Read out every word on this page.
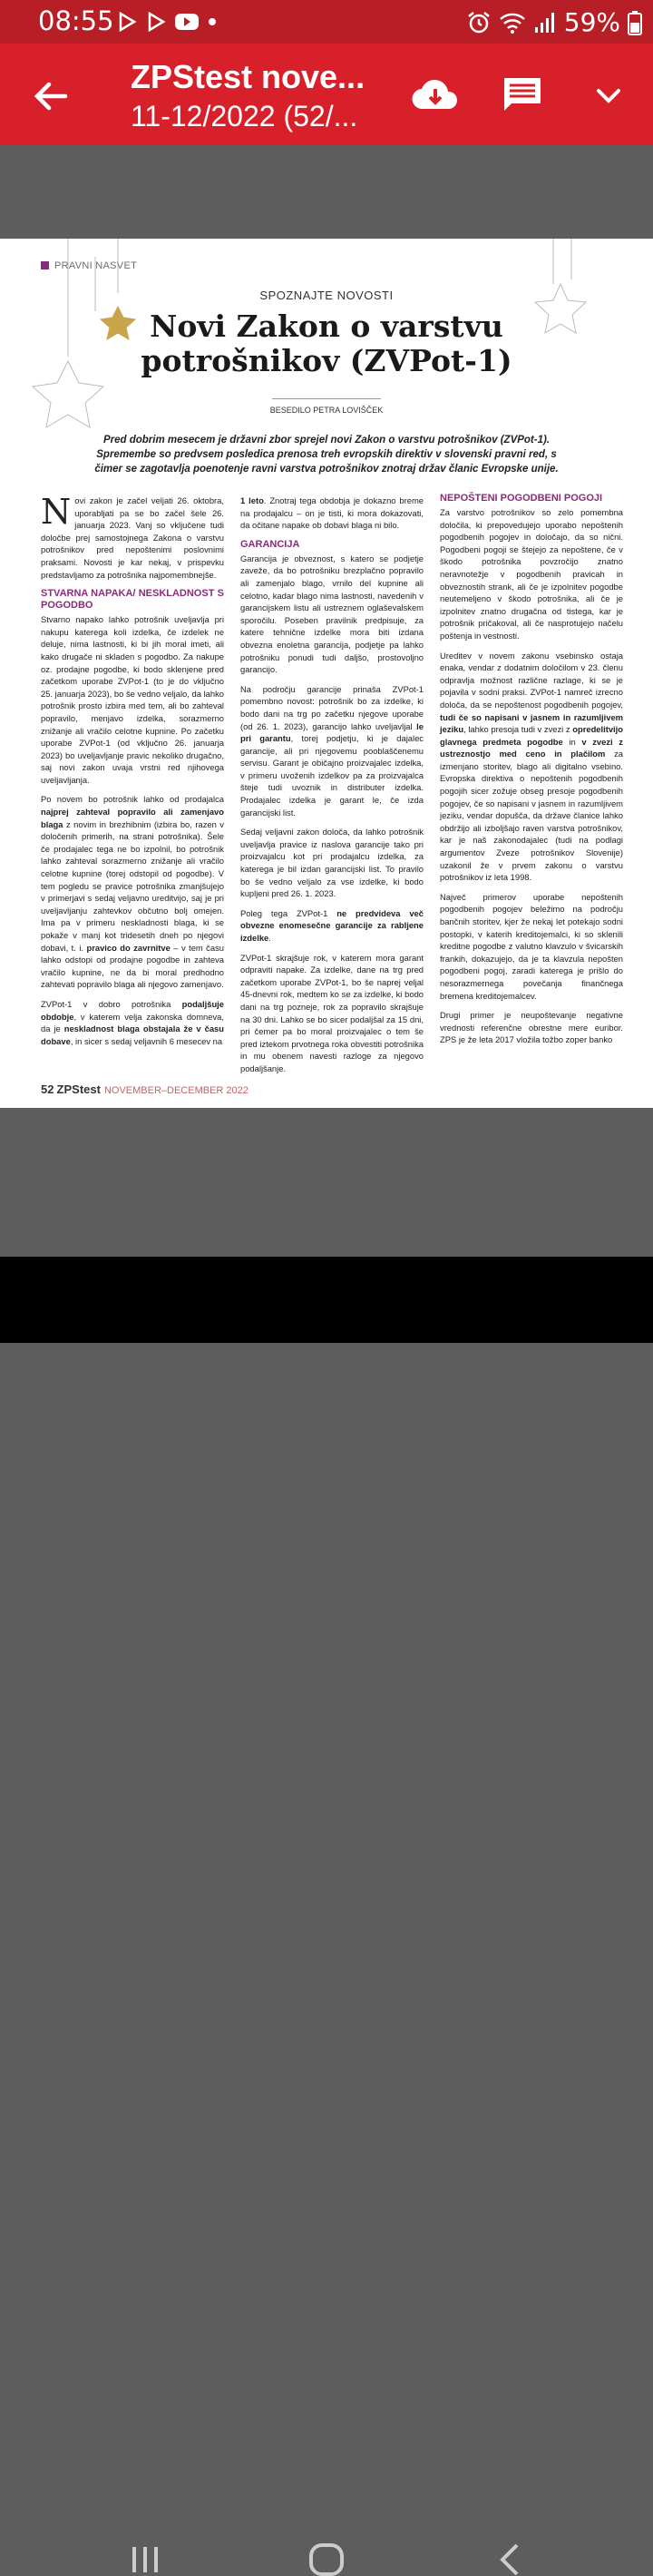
08:55	59%
ZPStest nove...
11-12/2022 (52/...
PRAVNI NASVET
SPOZNAJTE NOVOSTI
Novi Zakon o varstvu potrošnikov (ZVPot-1)
BESEDILO PETRA LOVIŠČEK
Pred dobrim mesecem je državni zbor sprejel novi Zakon o varstvu potrošnikov (ZVPot-1). Spremembe so predvsem posledica prenosa treh evropskih direktiv v slovenski pravni red, s čimer se zagotavlja poenotenje ravni varstva potrošnikov znotraj držav članic Evropske unije.

Novi zakon je začel veljati 26. oktobra, uporabljati pa se bo začel šele 26. januarja 2023. Vanj so vključene tudi določbe prej samostojnega Zakona o varstvu potrošnikov pred nepoštenimi poslovnimi praksami. Novosti je kar nekaj, v prispevku predstavljamo za potrošnika najpomembnejše.

STVARNA NAPAKA/ NESKLADNOST S POGODBO

Stvarno napako lahko potrošnik uveljavlja pri nakupu katerega koli izdelka, če izdelek ne deluje, nima lastnosti, ki bi jih moral imeti, ali kako drugače ni skladen s pogodbo. Za nakupe oz. prodajne pogodbe, ki bodo sklenjene pred začetkom uporabe ZVPot-1 (to je do vključno 25. januarja 2023), bo še vedno veljalo, da lahko potrošnik prosto izbira med tem, ali bo zahteval popravilo, menjavo izdelka, sorazmerno znižanje ali vračilo celotne kupnine. Po začetku uporabe ZVPot-1 (od vključno 26. januarja 2023) bo uveljavljanje pravic nekoliko drugačno, saj novi zakon uvaja vrstni red njihovega uveljavljanja.

Po novem bo potrošnik lahko od prodajalca najprej zahteval popravilo ali zamenjavo blaga z novim in brezhibnim (izbira bo, razen v določenih primerih, na strani potrošnika). Šele če prodajalec tega ne bo izpolnil, bo potrošnik lahko zahteval sorazmerno znižanje ali vračilo celotne kupnine (torej odstopil od pogodbe). V tem pogledu se pravice potrošnika zmanjšujejo v primerjavi s sedaj veljavno ureditvijo, saj je pri uveljavljanju zahtevkov občutno bolj omejen. Ima pa v primeru neskladnosti blaga, ki se pokaže v manj kot tridesetih dneh po njegovi dobavi, t. i. pravico do zavrnitve – v tem času lahko odstopi od prodajne pogodbe in zahteva vračilo kupnine, ne da bi moral predhodno zahtevati popravilo blaga ali njegovo zamenjavo.

ZVPot-1 v dobro potrošnika podaljšuje obdobje, v katerem velja zakonska domneva, da je neskladnost blaga obstajala že v času dobave, in sicer s sedaj veljavnih 6 mesecev na

1 leto. Znotraj tega obdobja je dokazno breme na prodajalcu – on je tisti, ki mora dokazovati, da očitane napake ob dobavi blaga ni bilo.

GARANCIJA

Garancija je obveznost, s katero se podjetje zaveže, da bo potrošniku brezplačno popravilo ali zamenjalo blago, vrnilo del kupnine ali celotno, kadar blago nima lastnosti, navedenih v garancijskem listu ali ustreznem oglaševalskem sporočilu. Poseben pravilnik predpisuje, za katere tehnične izdelke mora biti izdana obvezna enoletna garancija, podjetje pa lahko potrošniku ponudi tudi daljšo, prostovoljno garancijo.

Na področju garancije prinaša ZVPot-1 pomembno novost: potrošnik bo za izdelke, ki bodo dani na trg po začetku njegove uporabe (od 26. 1. 2023), garancijo lahko uveljavljal le pri garantu, torej podjetju, ki je dajalec garancije, ali pri njegovemu pooblaščenemu servisu. Garant je običajno proizvajalec izdelka, v primeru uvoženih izdelkov pa za proizvajalca šteje tudi uvoznik in distributer izdelka. Prodajalec izdelka je garant le, če izda garancijski list.

Sedaj veljavni zakon določa, da lahko potrošnik uveljavlja pravice iz naslova garancije tako pri proizvajalcu kot pri prodajalcu izdelka, za katerega je bil izdan garancijski list. To pravilo bo še vedno veljalo za vse izdelke, ki bodo kupljeni pred 26. 1. 2023.

Poleg tega ZVPot-1 ne predvideva več obvezne enomesečne garancije za rabljene izdelke.

ZVPot-1 skrajšuje rok, v katerem mora garant odpraviti napake. Za izdelke, dane na trg pred začetkom uporabe ZVPot-1, bo še naprej veljal 45-dnevni rok, medtem ko se za izdelke, ki bodo dani na trg pozneje, rok za popravilo skrajšuje na 30 dni. Lahko se bo sicer podaljšal za 15 dni, pri čemer pa bo moral proizvajalec o tem še pred iztekom prvotnega roka obvestiti potrošnika in mu obenem navesti razloge za njegovo podaljšanje.

NEPOŠTENI POGODBENI POGOJI

Za varstvo potrošnikov so zelo pomembna določila, ki prepovedujejo uporabo nepoštenih pogodbenih pogojev in določajo, da so nični. Pogodbeni pogoji se štejejo za nepoštene, če v škodo potrošnika povzročijo znatno neravnotežje v pogodbenih pravicah in obveznostih strank, ali če je izpolnitev pogodbe neutemeljeno v škodo potrošnika, ali če je izpolnitev znatno drugačna od tistega, kar je potrošnik pričakoval, ali če nasprotujejo načelu poštenja in vestnosti.

Ureditev v novem zakonu vsebinsko ostaja enaka, vendar z dodatnim določilom v 23. členu odpravlja možnost različne razlage, ki se je pojavila v sodni praksi. ZVPot-1 namreč izrecno določa, da se nepoštenost pogodbenih pogojev, tudi če so napisani v jasnem in razumljivem jeziku, lahko presoja tudi v zvezi z opredelitvijo glavnega predmeta pogodbe in v zvezi z ustreznostjo med ceno in plačilom za izmenjano storitev, blago ali digitalno vsebino. Evropska direktiva o nepoštenih pogodbenih pogojih sicer zožuje obseg presoje pogodbenih pogojev, če so napisani v jasnem in razumljivem jeziku, vendar dopušča, da države članice lahko obdržijo ali izboljšajo raven varstva potrošnikov, kar je naš zakonodajalec (tudi na podlagi argumentov Zveze potrošnikov Slovenije) uzakonil že v prvem zakonu o varstvu potrošnikov iz leta 1998.

Največ primerov uporabe nepoštenih pogodbenih pogojev beležimo na področju bančnih storitev, kjer že nekaj let potekajo sodni postopki, v katerih kreditojemalci, ki so sklenili kreditne pogodbe z valutno klavzulo v švicarskih frankih, dokazujejo, da je ta klavzula nepošten pogodbeni pogoj, zaradi katerega je prišlo do nesorazmernega povečanja finančnega bremena kreditojemalcev.

Drugi primer je neupoštevanje negativne vrednosti referenčne obrestne mere euribor. ZPS je že leta 2017 vložila tožbo zoper banko

52 ZPStest NOVEMBER–DECEMBER 2022
